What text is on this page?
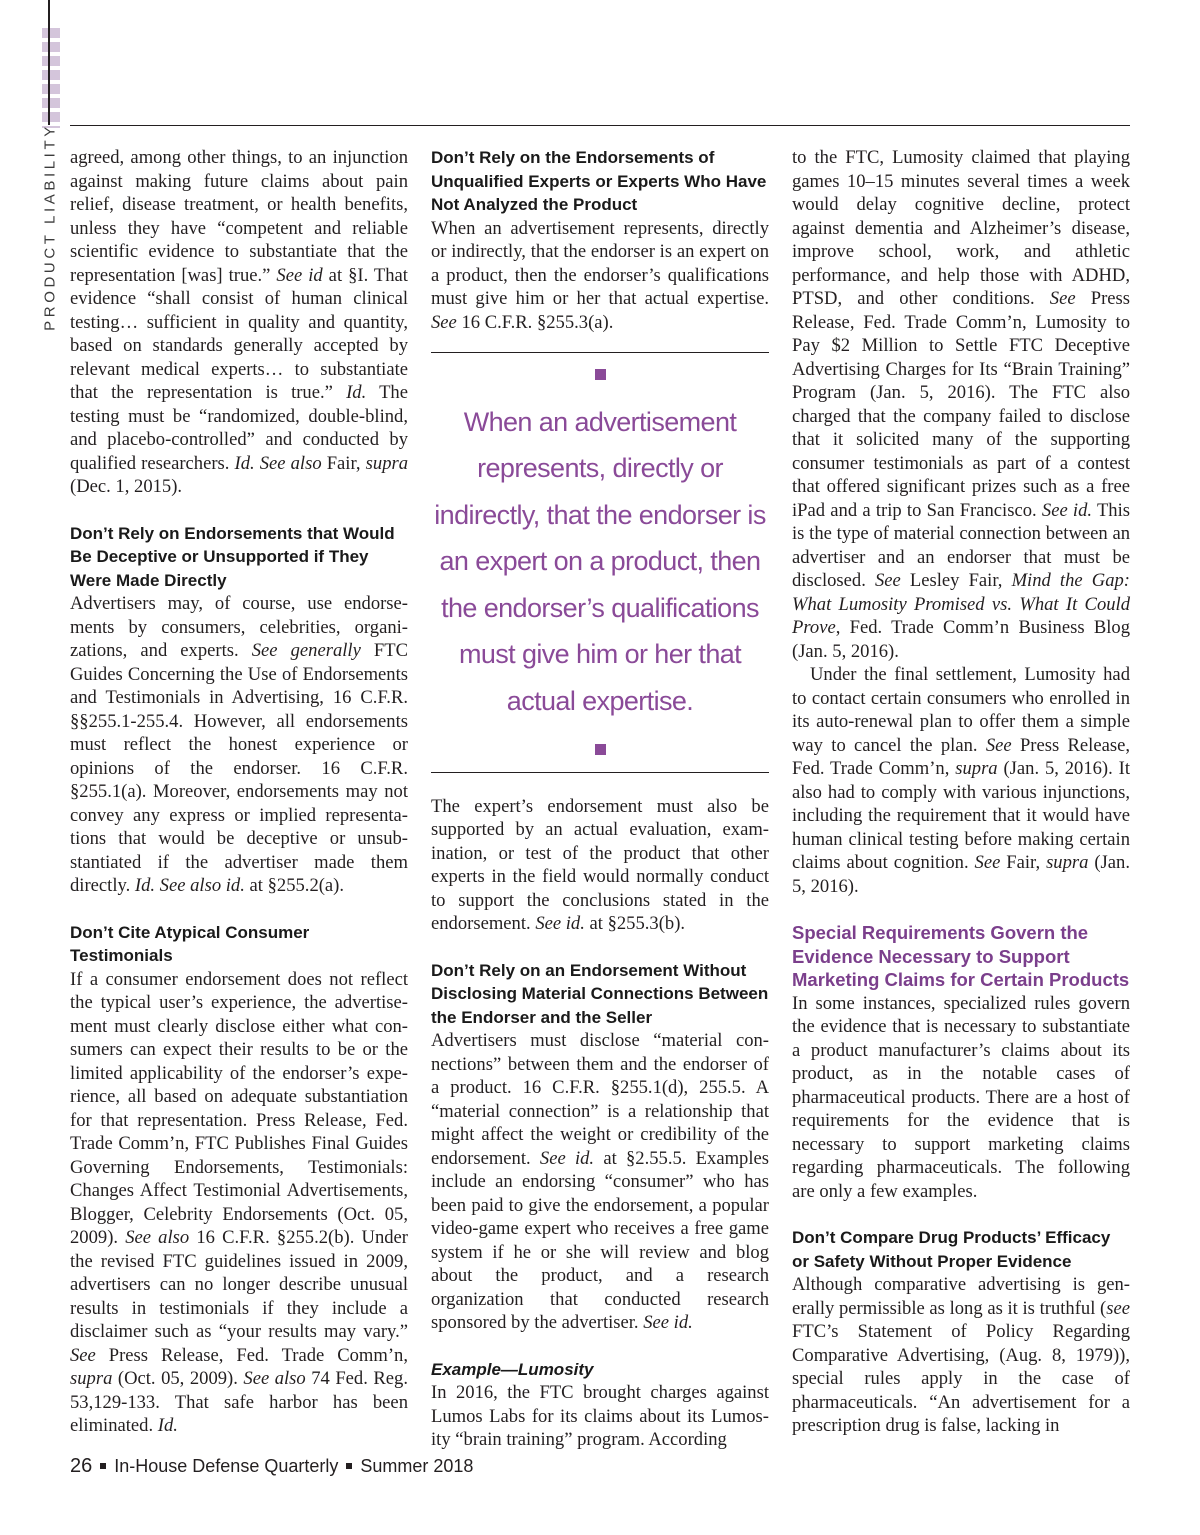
PRODUCT LIABILITY agreed, among other things, to an injunction against making future claims about pain relief, disease treatment, or health benefits, unless they have “competent and reliable scientific evidence to substantiate that the representation [was] true.” See id at §I. That evidence “shall consist of human clinical testing… sufficient in quality and quantity, based on standards generally accepted by relevant medical experts… to substantiate that the representation is true.” Id. The testing must be “randomized, double-blind, and placebo-controlled” and conducted by qualified researchers. Id. See also Fair, supra (Dec. 1, 2015).

Don’t Rely on Endorsements that Would Be Deceptive or Unsupported if They Were Made Directly

Advertisers may, of course, use endorsements by consumers, celebrities, organizations, and experts. See generally FTC Guides Concerning the Use of Endorsements and Testimonials in Advertising, 16 C.F.R. §§255.1-255.4. However, all endorsements must reflect the honest experience or opinions of the endorser. 16 C.F.R. §255.1(a). Moreover, endorsements may not convey any express or implied representations that would be deceptive or unsubstantiated if the advertiser made them directly. Id. See also id. at §255.2(a).

Don’t Cite Atypical Consumer Testimonials

If a consumer endorsement does not reflect the typical user’s experience, the advertisement must clearly disclose either what consumers can expect their results to be or the limited applicability of the endorser’s experience, all based on adequate substantiation for that representation. Press Release, Fed. Trade Comm’n, FTC Publishes Final Guides Governing Endorsements, Testimonials: Changes Affect Testimonial Advertisements, Blogger, Celebrity Endorsements (Oct. 05, 2009). See also 16 C.F.R. §255.2(b). Under the revised FTC guidelines issued in 2009, advertisers can no longer describe unusual results in testimonials if they include a disclaimer such as “your results may vary.” See Press Release, Fed. Trade Comm’n, supra (Oct. 05, 2009). See also 74 Fed. Reg. 53,129-133. That safe harbor has been eliminated. Id.

Don’t Rely on the Endorsements of Unqualified Experts or Experts Who Have Not Analyzed the Product

When an advertisement represents, directly or indirectly, that the endorser is an expert on a product, then the endorser’s qualifications must give him or her that actual expertise. See 16 C.F.R. §255.3(a).

When an advertisement represents, directly or indirectly, that the endorser is an expert on a product, then the endorser’s qualifications must give him or her that actual expertise.

The expert’s endorsement must also be supported by an actual evaluation, examination, or test of the product that other experts in the field would normally conduct to support the conclusions stated in the endorsement. See id. at §255.3(b).

Don’t Rely on an Endorsement Without Disclosing Material Connections Between the Endorser and the Seller

Advertisers must disclose “material connections” between them and the endorser of a product. 16 C.F.R. §255.1(d), 255.5. A “material connection” is a relationship that might affect the weight or credibility of the endorsement. See id. at §2.55.5. Examples include an endorsing “consumer” who has been paid to give the endorsement, a popular video-game expert who receives a free game system if he or she will review and blog about the product, and a research organization that conducted research sponsored by the advertiser. See id.

Example—Lumosity

In 2016, the FTC brought charges against Lumos Labs for its claims about its Lumosity “brain training” program. According

to the FTC, Lumosity claimed that playing games 10–15 minutes several times a week would delay cognitive decline, protect against dementia and Alzheimer’s disease, improve school, work, and athletic performance, and help those with ADHD, PTSD, and other conditions. See Press Release, Fed. Trade Comm’n, Lumosity to Pay $2 Million to Settle FTC Deceptive Advertising Charges for Its “Brain Training” Program (Jan. 5, 2016). The FTC also charged that the company failed to disclose that it solicited many of the supporting consumer testimonials as part of a contest that offered significant prizes such as a free iPad and a trip to San Francisco. See id. This is the type of material connection between an advertiser and an endorser that must be disclosed. See Lesley Fair, Mind the Gap: What Lumosity Promised vs. What It Could Prove, Fed. Trade Comm’n Business Blog (Jan. 5, 2016).

Under the final settlement, Lumosity had to contact certain consumers who enrolled in its auto-renewal plan to offer them a simple way to cancel the plan. See Press Release, Fed. Trade Comm’n, supra (Jan. 5, 2016). It also had to comply with various injunctions, including the requirement that it would have human clinical testing before making certain claims about cognition. See Fair, supra (Jan. 5, 2016).

Special Requirements Govern the Evidence Necessary to Support Marketing Claims for Certain Products

In some instances, specialized rules govern the evidence that is necessary to substantiate a product manufacturer’s claims about its product, as in the notable cases of pharmaceutical products. There are a host of requirements for the evidence that is necessary to support marketing claims regarding pharmaceuticals. The following are only a few examples.

Don’t Compare Drug Products’ Efficacy or Safety Without Proper Evidence

Although comparative advertising is generally permissible as long as it is truthful (see FTC’s Statement of Policy Regarding Comparative Advertising, (Aug. 8, 1979)), special rules apply in the case of pharmaceuticals. “An advertisement for a prescription drug is false, lacking in

26 In-House Defense Quarterly Summer 2018
